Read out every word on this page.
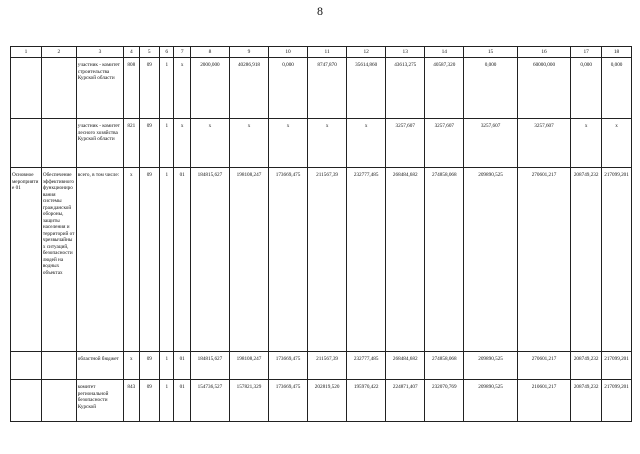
8
1	2	3	4	5	6	7	8	9	10	11	12	13	14	15	16	17	18
		участник - комитет строительства Курской области	808	09	1	х	2000,000	40286,918	0,000	8747,870	35614,860	43613,275	40587,320	0,000	60000,000	0,000	0,000
		участник - комитет лесного хозяйства Курской области	821	09	1	х	х	х	х	х	х	3257,607	3257,607	3257,607	3257,607	х	х
Основное мероприятие 01	Обеспечение эффективного функционирования системы гражданской обороны, защиты населения и территорий от чрезвычайных ситуаций, безопасности людей на водных объектах	всего, в том числе:	х	09	1	01	184815,627	198108,247	173669,475	211567,39	232777,485	268484,682	274858,068	209890,525	270601,217	208749,232	217099,201
		областной бюджет	х	09	1	01	184815,627	198108,247	173669,475	211567,39	232777,485	268484,682	274858,068	209890,525	270601,217	208749,232	217099,201
		комитет региональной безопасности Курской	843	09	1	01	154736,527	157821,329	173669,475	202819,520	195970,422	224871,407	232070,769	209890,525	210601,217	208749,232	217099,201
